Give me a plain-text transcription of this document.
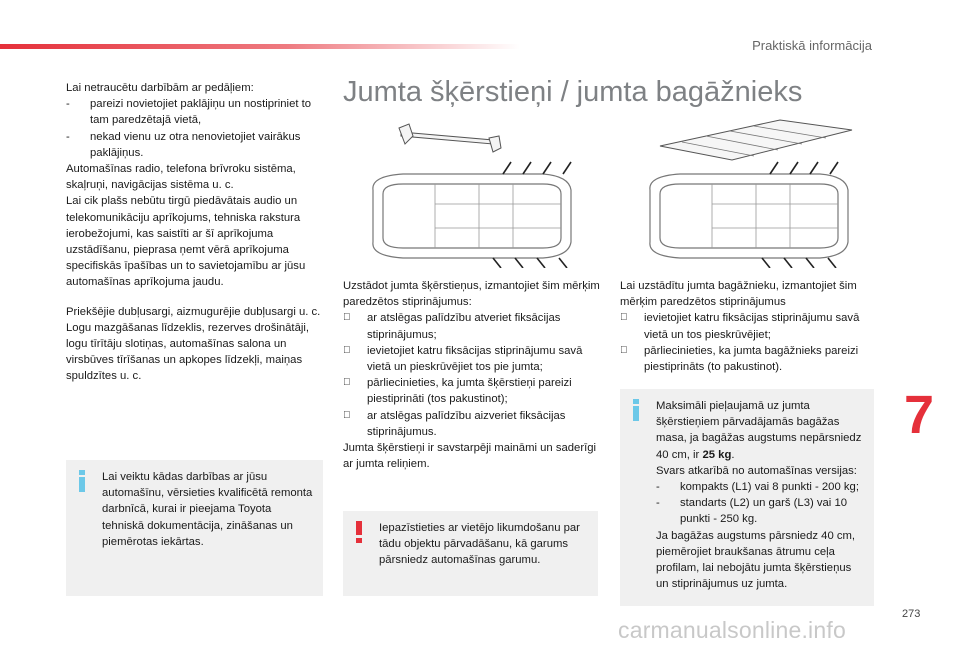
Praktiskā informācija

Lai netraucētu darbībām ar pedāļiem:

- pareizi novietojiet paklājiņu un nostipriniet to tam paredzētajā vietā,
- nekad vienu uz otra nenovietojiet vairākus paklājiņus.

Automašīnas radio, telefona brīvroku sistēma, skaļruņi, navigācijas sistēma u. c.

Lai cik plašs nebūtu tirgū piedāvātais audio un telekomunikāciju aprīkojums, tehniska rakstura ierobežojumi, kas saistīti ar šī aprīkojuma uzstādīšanu, pieprasa ņemt vērā aprīkojuma specifiskās īpašības un to savietojamību ar jūsu automašīnas aprīkojuma jaudu.

Priekšējie dubļusargi, aizmugurējie dubļusargi u. c.

Logu mazgāšanas līdzeklis, rezerves drošinātāji, logu tīrītāju slotiņas, automašīnas salona un virsbūves tīrīšanas un apkopes līdzekļi, maiņas spuldzītes u. c.

Lai veiktu kādas darbības ar jūsu automašīnu, vērsieties kvalificētā remonta darbnīcā, kurai ir pieejama Toyota tehniskā dokumentācija, zināšanas un piemērotas iekārtas.

Jumta šķērstieņi / jumta bagāžnieks

Uzstādot jumta šķērstieņus, izmantojiet šim mērķim paredzētos stiprinājumus:

ar atslēgas palīdzību atveriet fiksācijas stiprinājumus;
ievietojiet katru fiksācijas stiprinājumu savā vietā un pieskrūvējiet tos pie jumta;
pārliecinieties, ka jumta šķērstieņi pareizi piestiprināti (tos pakustinot);
ar atslēgas palīdzību aizveriet fiksācijas stiprinājumus.

Jumta šķērstieņi ir savstarpēji maināmi un saderīgi ar jumta reliņiem.

Iepazīstieties ar vietējo likumdošanu par tādu objektu pārvadāšanu, kā garums pārsniedz automašīnas garumu.

Lai uzstādītu jumta bagāžnieku, izmantojiet šim mērķim paredzētos stiprinājumus

ievietojiet katru fiksācijas stiprinājumu savā vietā un tos pieskrūvējiet;
pārliecinieties, ka jumta bagāžnieks pareizi piestiprināts (to pakustinot).

Maksimāli pieļaujamā uz jumta šķērstieņiem pārvadājamās bagāžas masa, ja bagāžas augstums nepārsniedz 40 cm, ir 25 kg.

Svars atkarībā no automašīnas versijas:

- kompakts (L1) vai 8 punkti - 200 kg;
- standarts (L2) un garš (L3) vai 10 punkti - 250 kg.

Ja bagāžas augstums pārsniedz 40 cm, piemērojiet braukšanas ātrumu ceļa profilam, lai nebojātu jumta šķērstieņus un stiprinājumus uz jumta.

7
273
carmanualsonline.info
